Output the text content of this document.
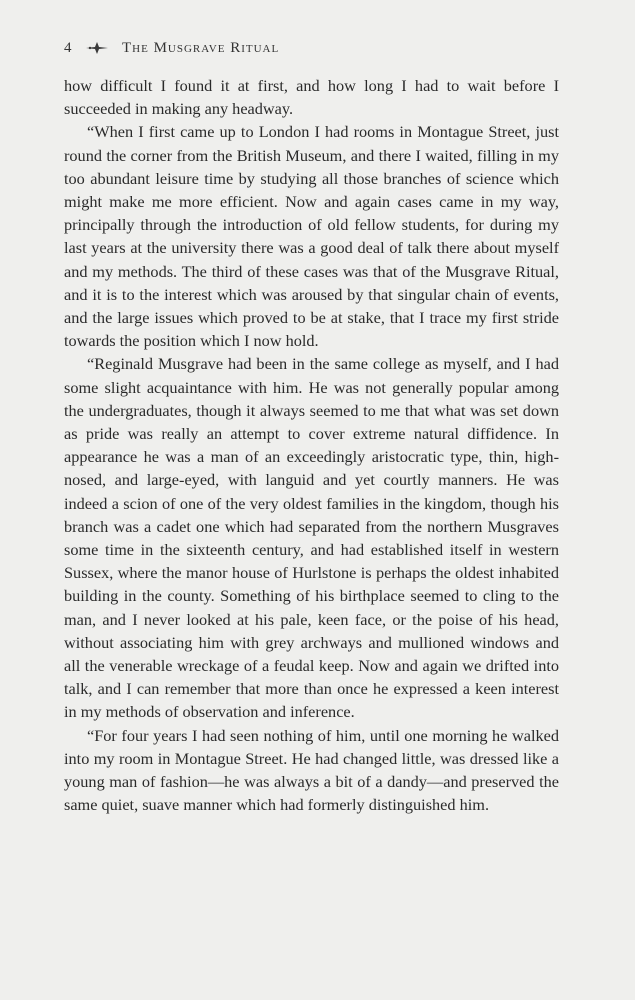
4	The Musgrave Ritual

how difficult I found it at first, and how long I had to wait before I succeeded in making any headway.

“When I first came up to London I had rooms in Montague Street, just round the corner from the British Museum, and there I waited, filling in my too abundant leisure time by studying all those branches of science which might make me more efficient. Now and again cases came in my way, principally through the introduction of old fellow students, for during my last years at the university there was a good deal of talk there about myself and my methods. The third of these cases was that of the Musgrave Ritual, and it is to the interest which was aroused by that singular chain of events, and the large issues which proved to be at stake, that I trace my first stride towards the position which I now hold.

“Reginald Musgrave had been in the same college as myself, and I had some slight acquaintance with him. He was not generally popular among the undergraduates, though it always seemed to me that what was set down as pride was really an attempt to cover extreme natural diffidence. In appearance he was a man of an exceedingly aristocratic type, thin, high-nosed, and large-eyed, with languid and yet courtly manners. He was indeed a scion of one of the very oldest families in the kingdom, though his branch was a cadet one which had separated from the northern Musgraves some time in the sixteenth century, and had established itself in western Sussex, where the manor house of Hurlstone is perhaps the oldest inhabited building in the county. Something of his birthplace seemed to cling to the man, and I never looked at his pale, keen face, or the poise of his head, without associating him with grey archways and mullioned windows and all the venerable wreckage of a feudal keep. Now and again we drifted into talk, and I can remember that more than once he expressed a keen interest in my methods of observation and inference.

“For four years I had seen nothing of him, until one morning he walked into my room in Montague Street. He had changed little, was dressed like a young man of fashion—he was always a bit of a dandy—and preserved the same quiet, suave manner which had formerly distinguished him.
